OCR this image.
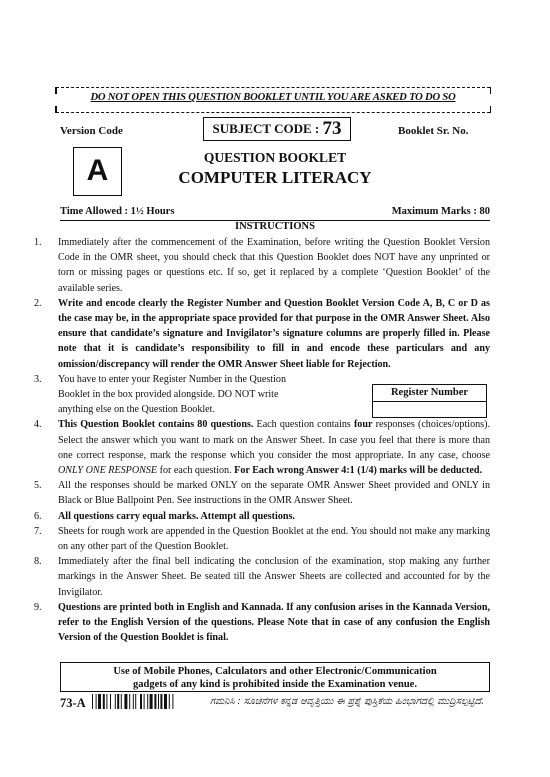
DO NOT OPEN THIS QUESTION BOOKLET UNTIL YOU ARE ASKED TO DO SO
Version Code	SUBJECT CODE : 73	Booklet Sr. No.
A	QUESTION BOOKLET
COMPUTER LITERACY
Time Allowed : 1½ Hours	Maximum Marks : 80
INSTRUCTIONS
1.	Immediately after the commencement of the Examination, before writing the Question Booklet Version Code in the OMR sheet, you should check that this Question Booklet does NOT have any unprinted or torn or missing pages or questions etc. If so, get it replaced by a complete ‘Question Booklet’ of the available series.
2.	Write and encode clearly the Register Number and Question Booklet Version Code A, B, C or D as the case may be, in the appropriate space provided for that purpose in the OMR Answer Sheet. Also ensure that candidate’s signature and Invigilator’s signature columns are properly filled in. Please note that it is candidate’s responsibility to fill in and encode these particulars and any omission/discrepancy will render the OMR Answer Sheet liable for Rejection.
3.	You have to enter your Register Number in the Question Booklet in the box provided alongside. DO NOT write anything else on the Question Booklet.
4.	This Question Booklet contains 80 questions. Each question contains four responses (choices/options). Select the answer which you want to mark on the Answer Sheet. In case you feel that there is more than one correct response, mark the response which you consider the most appropriate. In any case, choose ONLY ONE RESPONSE for each question. For Each wrong Answer 4:1 (1/4) marks will be deducted.
5.	All the responses should be marked ONLY on the separate OMR Answer Sheet provided and ONLY in Black or Blue Ballpoint Pen. See instructions in the OMR Answer Sheet.
6.	All questions carry equal marks. Attempt all questions.
7.	Sheets for rough work are appended in the Question Booklet at the end. You should not make any marking on any other part of the Question Booklet.
8.	Immediately after the final bell indicating the conclusion of the examination, stop making any further markings in the Answer Sheet. Be seated till the Answer Sheets are collected and accounted for by the Invigilator.
9.	Questions are printed both in English and Kannada. If any confusion arises in the Kannada Version, refer to the English Version of the questions. Please Note that in case of any confusion the English Version of the Question Booklet is final.
Register Number
Use of Mobile Phones, Calculators and other Electronic/Communication
gadgets of any kind is prohibited inside the Examination venue.
73-A	ಗಮನಿಸಿ : ಸೂಚನೆಗಳ ಕನ್ನಡ ಆವೃತ್ತಿಯು ಈ ಪ್ರಶ್ನೆ ಪುಸ್ತಿಕೆಯ ಹಿಂಭಾಗದಲ್ಲಿ ಮುದ್ರಿಸಲ್ಪಟ್ಟಿದೆ.
